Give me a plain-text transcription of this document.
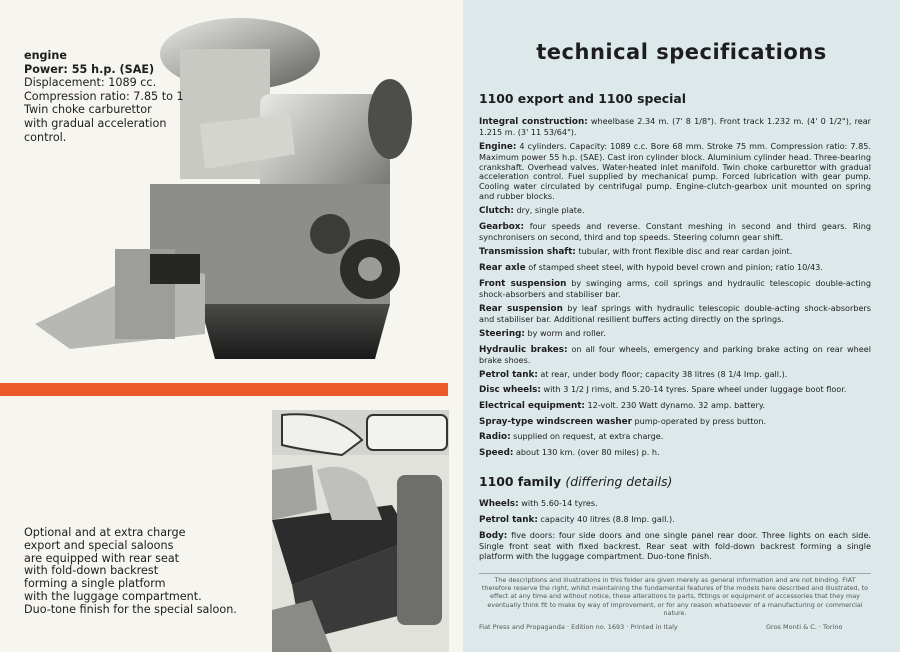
engine
Power: 55 h.p. (SAE)
Displacement: 1089 cc.
Compression ratio: 7.85 to 1
Twin choke carburettor
with gradual acceleration
control.
Optional and at extra charge
export and special saloons
are equipped with rear seat
with fold-down backrest
forming a single platform
with the luggage compartment.
Duo-tone finish for the special saloon.
technical specifications
1100 export and 1100 special
Integral construction: wheelbase 2.34 m. (7' 8 1/8"). Front track 1.232 m. (4' 0 1/2"), rear 1.215 m. (3' 11 53/64").
Engine: 4 cylinders. Capacity: 1089 c.c. Bore 68 mm. Stroke 75 mm. Compression ratio: 7.85. Maximum power 55 h.p. (SAE). Cast iron cylinder block. Aluminium cylinder head. Three-bearing crankshaft. Overhead valves. Water-heated inlet manifold. Twin choke carburettor with gradual acceleration control. Fuel supplied by mechanical pump. Forced lubrication with gear pump. Cooling water circulated by centrifugal pump. Engine-clutch-gearbox unit mounted on spring and rubber blocks.
Clutch: dry, single plate.
Gearbox: four speeds and reverse. Constant meshing in second and third gears. Ring synchronisers on second, third and top speeds. Steering column gear shift.
Transmission shaft: tubular, with front flexible disc and rear cardan joint.
Rear axle of stamped sheet steel, with hypoid bevel crown and pinion; ratio 10/43.
Front suspension by swinging arms, coil springs and hydraulic telescopic double-acting shock-absorbers and stabiliser bar.
Rear suspension by leaf springs with hydraulic telescopic double-acting shock-absorbers and stabiliser bar. Additional resilient buffers acting directly on the springs.
Steering: by worm and roller.
Hydraulic brakes: on all four wheels, emergency and parking brake acting on rear wheel brake shoes.
Petrol tank: at rear, under body floor; capacity 38 litres (8 1/4 Imp. gall.).
Disc wheels: with 3 1/2 J rims, and 5.20-14 tyres. Spare wheel under luggage boot floor.
Electrical equipment: 12-volt. 230 Watt dynamo. 32 amp. battery.
Spray-type windscreen washer pump-operated by press button.
Radio: supplied on request, at extra charge.
Speed: about 130 km. (over 80 miles) p. h.
1100 family (differing details)
Wheels: with 5.60-14 tyres.
Petrol tank: capacity 40 litres (8.8 Imp. gall.).
Body: five doors: four side doors and one single panel rear door. Three lights on each side. Single front seat with fixed backrest. Rear seat with fold-down backrest forming a single platform with the luggage compartment. Duo-tone finish.
The descriptions and illustrations in this folder are given merely as general information and are not binding. FIAT therefore reserve the right, whilst maintaining the fundamental features of the models here described and illustrated, to effect at any time and without notice, these alterations to parts, fittings or equipment of accessories that they may eventually think fit to make by way of improvement, or for any reason whatsoever of a manufacturing or commercial nature.
Fiat Press and Propaganda · Edition no. 1693 · Printed in Italy	Gros Monti & C. · Torino
